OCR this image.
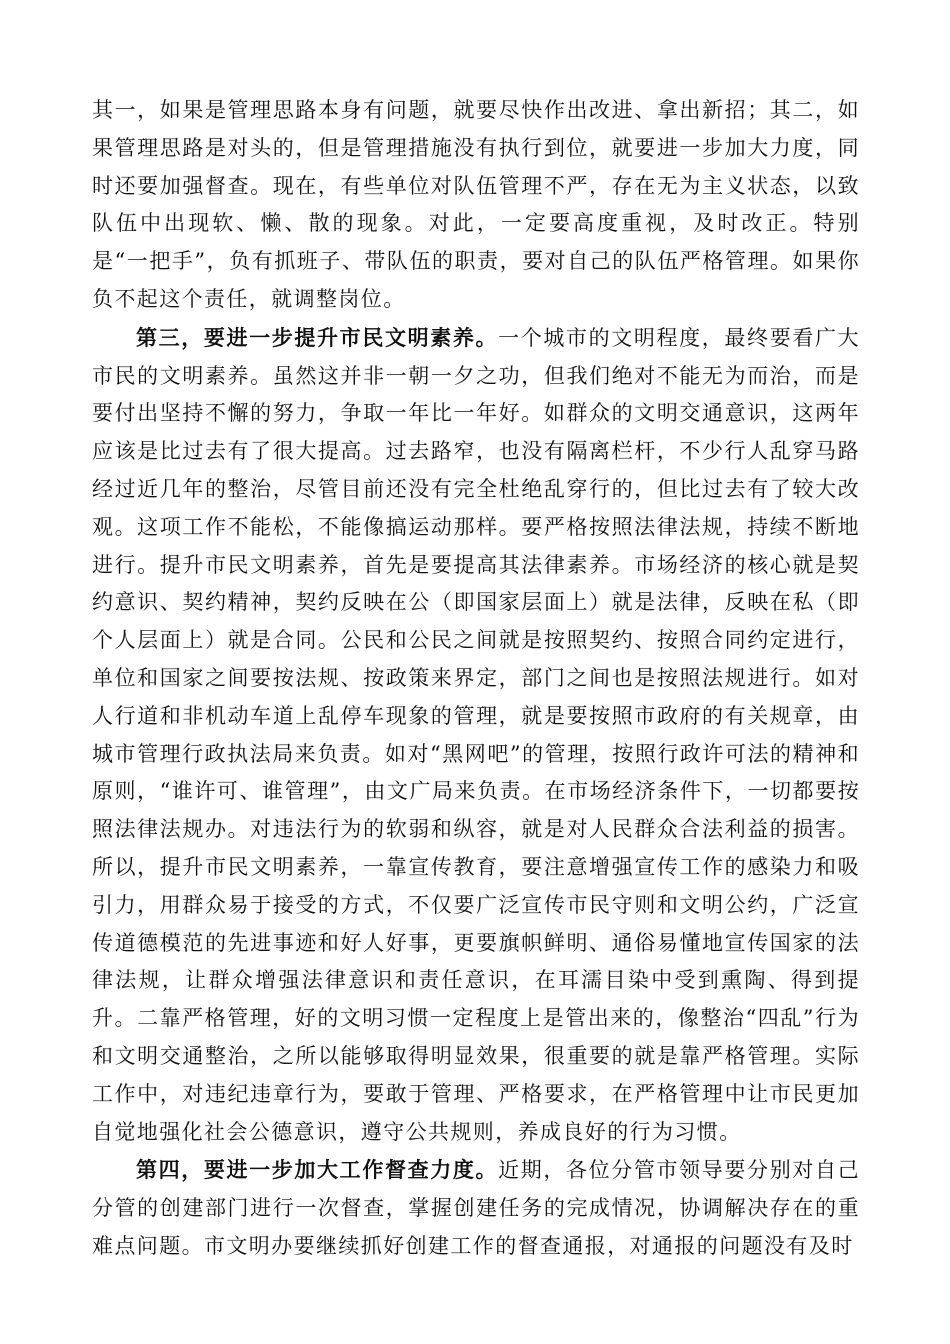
其一，如果是管理思路本身有问题，就要尽快作出改进、拿出新招；其二，如果管理思路是对头的，但是管理措施没有执行到位，就要进一步加大力度，同时还要加强督查。现在，有些单位对队伍管理不严，存在无为主义状态，以致队伍中出现软、懒、散的现象。对此，一定要高度重视，及时改正。特别是“一把手”，负有抓班子、带队伍的职责，要对自己的队伍严格管理。如果你负不起这个责任，就调整岗位。

第三，要进一步提升市民文明素养。一个城市的文明程度，最终要看广大市民的文明素养。虽然这并非一朝一夕之功，但我们绝对不能无为而治，而是要付出坚持不懈的努力，争取一年比一年好。如群众的文明交通意识，这两年应该是比过去有了很大提高。过去路窄，也没有隔离栏杆，不少行人乱穿马路经过近几年的整治，尽管目前还没有完全杜绝乱穿行的，但比过去有了较大改观。这项工作不能松，不能像搞运动那样。要严格按照法律法规，持续不断地进行。提升市民文明素养，首先是要提高其法律素养。市场经济的核心就是契约意识、契约精神，契约反映在公（即国家层面上）就是法律，反映在私（即个人层面上）就是合同。公民和公民之间就是按照契约、按照合同约定进行，单位和国家之间要按法规、按政策来界定，部门之间也是按照法规进行。如对人行道和非机动车道上乱停车现象的管理，就是要按照市政府的有关规章，由城市管理行政执法局来负责。如对“黑网吧”的管理，按照行政许可法的精神和原则，“谁许可、谁管理”，由文广局来负责。在市场经济条件下，一切都要按照法律法规办。对违法行为的软弱和纵容，就是对人民群众合法利益的损害。所以，提升市民文明素养，一靠宣传教育，要注意增强宣传工作的感染力和吸引力，用群众易于接受的方式，不仅要广泛宣传市民守则和文明公约，广泛宣传道德模范的先进事迹和好人好事，更要旗帜鲜明、通俗易懂地宣传国家的法律法规，让群众增强法律意识和责任意识，在耳濡目染中受到熏陶、得到提升。二靠严格管理，好的文明习惯一定程度上是管出来的，像整治“四乱”行为和文明交通整治，之所以能够取得明显效果，很重要的就是靠严格管理。实际工作中，对违纪违章行为，要敢于管理、严格要求，在严格管理中让市民更加自觉地强化社会公德意识，遵守公共规则，养成良好的行为习惯。

第四，要进一步加大工作督查力度。近期，各位分管市领导要分别对自己分管的创建部门进行一次督查，掌握创建任务的完成情况，协调解决存在的重难点问题。市文明办要继续抓好创建工作的督查通报，对通报的问题没有及时
